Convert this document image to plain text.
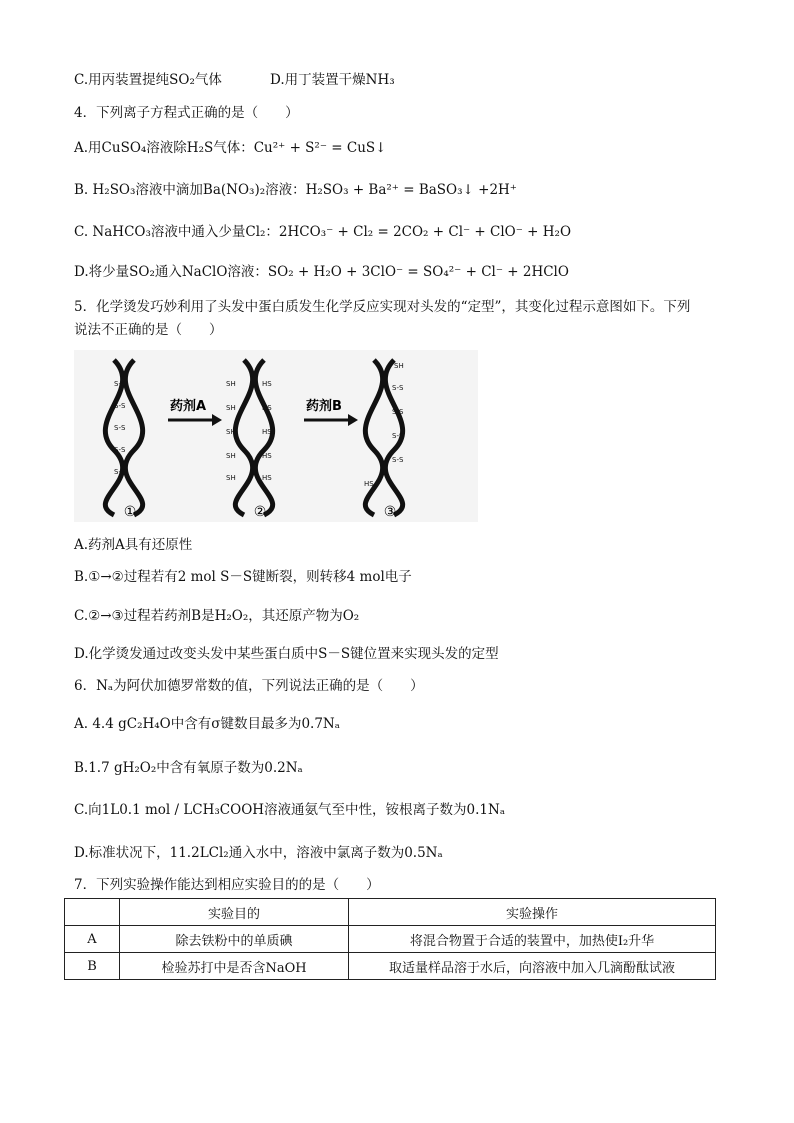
C.用丙装置提纯SO₂气体	D.用丁装置干燥NH₃
4．下列离子方程式正确的是（　　）
A.用CuSO₄溶液除H₂S气体：Cu²⁺ + S²⁻ = CuS↓
B. H₂SO₃溶液中滴加Ba(NO₃)₂溶液：H₂SO₃ + Ba²⁺ = BaSO₃↓ +2H⁺
C. NaHCO₃溶液中通入少量Cl₂：2HCO₃⁻ + Cl₂ = 2CO₂ + Cl⁻ + ClO⁻ + H₂O
D.将少量SO₂通入NaClO溶液：SO₂ + H₂O + 3ClO⁻ = SO₄²⁻ + Cl⁻ + 2HClO
5．化学烫发巧妙利用了头发中蛋白质发生化学反应实现对头发的“定型”，其变化过程示意图如下。下列
说法不正确的是（　　）
S-S
S-S
S-S
S-S
S-S
药剂A
SH	HS
SH	HS
SH	HS
SH	HS
SH	HS
药剂B
SH
S-S
S-S
S-S
S-S
HS
①	②	③
A.药剂A具有还原性
B.①→②过程若有2 mol S－S键断裂，则转移4 mol电子
C.②→③过程若药剂B是H₂O₂，其还原产物为O₂
D.化学烫发通过改变头发中某些蛋白质中S－S键位置来实现头发的定型
6．Nₐ为阿伏加德罗常数的值，下列说法正确的是（　　）
A. 4.4 gC₂H₄O中含有σ键数目最多为0.7Nₐ
B.1.7 gH₂O₂中含有氧原子数为0.2Nₐ
C.向1L0.1 mol / LCH₃COOH溶液通氨气至中性，铵根离子数为0.1Nₐ
D.标准状况下，11.2LCl₂通入水中，溶液中氯离子数为0.5Nₐ
7．下列实验操作能达到相应实验目的的是（　　）
	实验目的	实验操作
A	除去铁粉中的单质碘	将混合物置于合适的装置中，加热使I₂升华
B	检验苏打中是否含NaOH	取适量样品溶于水后，向溶液中加入几滴酚酞试液
